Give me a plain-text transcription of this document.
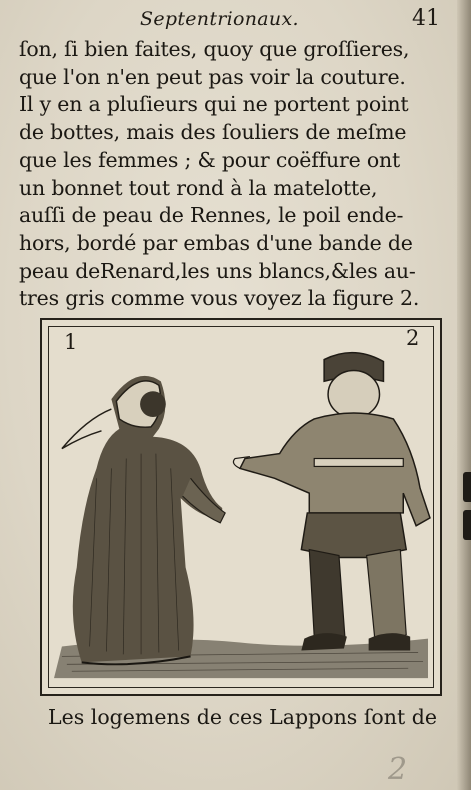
Septentrionaux.	41
ſon, ſi bien faites, quoy que groſſieres,
que l'on n'en peut pas voir la couture.
Il y en a pluſieurs qui ne portent point
de bottes, mais des ſouliers de meſme
que les femmes ; & pour coëffure ont
un bonnet tout rond à la matelotte,
auſſi de peau de Rennes, le poil ende-
hors, bordé par embas d'une bande de
peau deRenard,les uns blancs,&les au-
tres gris comme vous voyez la figure 2.
1	2
Les logemens de ces Lappons ſont de
2
